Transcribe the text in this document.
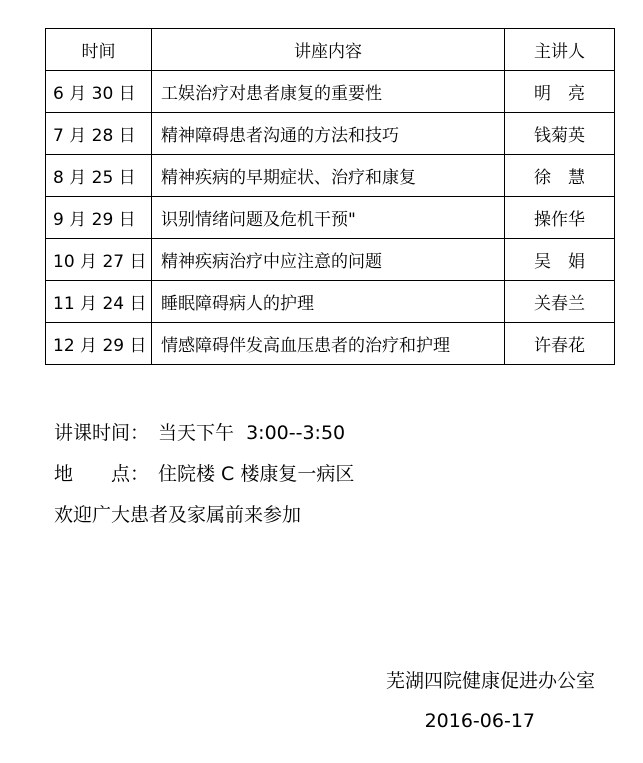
时间	讲座内容	主讲人
6 月 30 日	工娱治疗对患者康复的重要性	明　亮
7 月 28 日	精神障碍患者沟通的方法和技巧	钱菊英
8 月 25 日	精神疾病的早期症状、治疗和康复	徐　慧
9 月 29 日	识别情绪问题及危机干预"	操作华
10 月 27 日	精神疾病治疗中应注意的问题	吴　娟
11 月 24 日	睡眠障碍病人的护理	关春兰
12 月 29 日	情感障碍伴发高血压患者的治疗和护理	许春花
讲课时间： 当天下午  3:00--3:50
地　　点： 住院楼 C 楼康复一病区
欢迎广大患者及家属前来参加
芜湖四院健康促进办公室
2016-06-17
